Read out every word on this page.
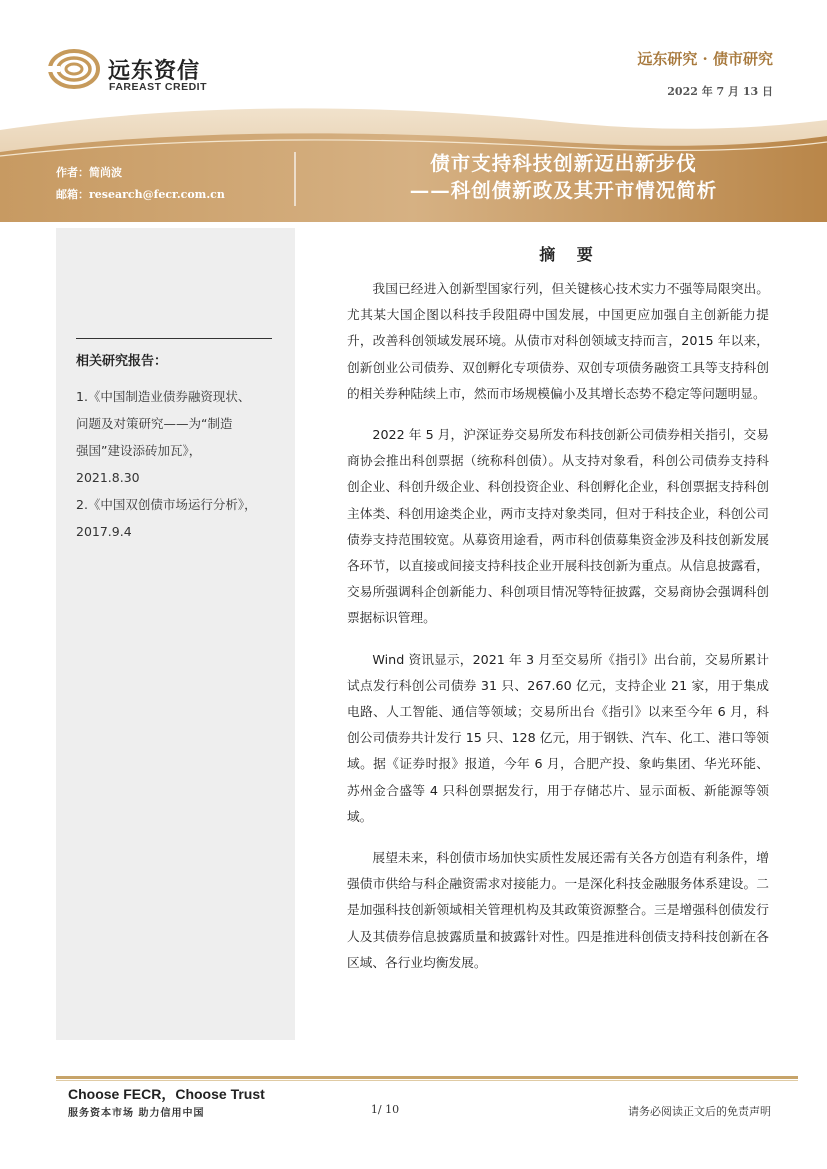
远东资信
FAREAST CREDIT
远东研究 · 债市研究
2022 年 7 月 13 日
作者：简尚波
邮箱：research@fecr.com.cn
债市支持科技创新迈出新步伐
——科创债新政及其开市情况简析
相关研究报告：
1.《中国制造业债券融资现状、
问题及对策研究——为“制造
强国”建设添砖加瓦》，
2021.8.30
2.《中国双创债市场运行分析》，
2017.9.4
摘 要

我国已经进入创新型国家行列，但关键核心技术实力不强等局限突出。尤其某大国企图以科技手段阻碍中国发展，中国更应加强自主创新能力提升，改善科创领域发展环境。从债市对科创领域支持而言，2015 年以来，创新创业公司债券、双创孵化专项债券、双创专项债务融资工具等支持科创的相关券种陆续上市，然而市场规模偏小及其增长态势不稳定等问题明显。

2022 年 5 月，沪深证券交易所发布科技创新公司债券相关指引，交易商协会推出科创票据（统称科创债）。从支持对象看，科创公司债券支持科创企业、科创升级企业、科创投资企业、科创孵化企业，科创票据支持科创主体类、科创用途类企业，两市支持对象类同，但对于科技企业，科创公司债券支持范围较宽。从募资用途看，两市科创债募集资金涉及科技创新发展各环节，以直接或间接支持科技企业开展科技创新为重点。从信息披露看，交易所强调科企创新能力、科创项目情况等特征披露，交易商协会强调科创票据标识管理。

Wind 资讯显示，2021 年 3 月至交易所《指引》出台前，交易所累计试点发行科创公司债券 31 只、267.60 亿元，支持企业 21 家，用于集成电路、人工智能、通信等领域；交易所出台《指引》以来至今年 6 月，科创公司债券共计发行 15 只、128 亿元，用于钢铁、汽车、化工、港口等领域。据《证券时报》报道，今年 6 月，合肥产投、象屿集团、华光环能、苏州金合盛等 4 只科创票据发行，用于存储芯片、显示面板、新能源等领域。

展望未来，科创债市场加快实质性发展还需有关各方创造有利条件，增强债市供给与科企融资需求对接能力。一是深化科技金融服务体系建设。二是加强科技创新领域相关管理机构及其政策资源整合。三是增强科创债发行人及其债券信息披露质量和披露针对性。四是推进科创债支持科技创新在各区域、各行业均衡发展。

Choose FECR，Choose Trust
服务资本市场 助力信用中国	1/ 10	请务必阅读正文后的免责声明
